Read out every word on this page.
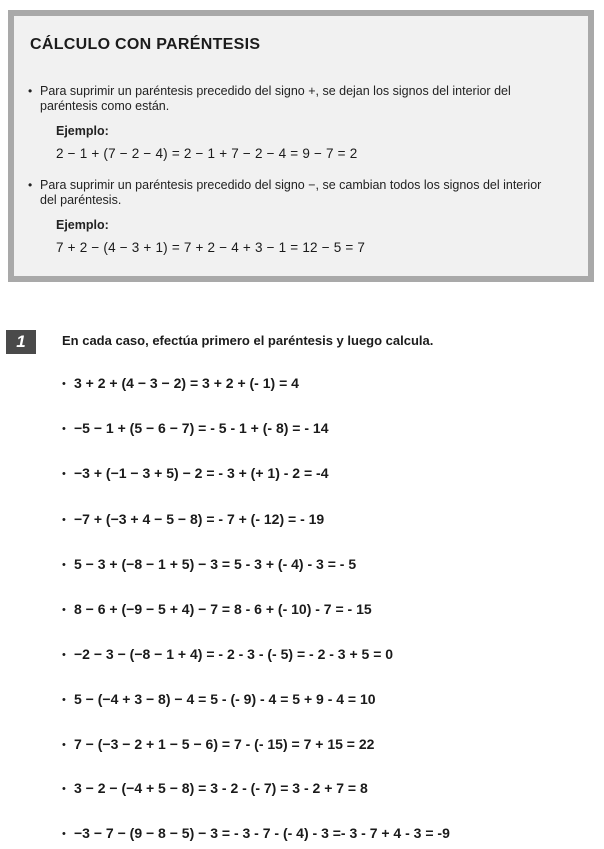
CÁLCULO CON PARÉNTESIS
• Para suprimir un paréntesis precedido del signo +, se dejan los signos del interior del paréntesis como están.
Ejemplo:
2 − 1 + (7 − 2 − 4) = 2 − 1 + 7 − 2 − 4 = 9 − 7 = 2
• Para suprimir un paréntesis precedido del signo −, se cambian todos los signos del interior del paréntesis.
Ejemplo:
7 + 2 − (4 − 3 + 1) = 7 + 2 − 4 + 3 − 1 = 12 − 5 = 7
1	En cada caso, efectúa primero el paréntesis y luego calcula.
• 3 + 2 + (4 − 3 − 2) = 3 + 2 + (- 1) = 4
• −5 − 1 + (5 − 6 − 7) = - 5 - 1 + (- 8) = - 14
• −3 + (−1 − 3 + 5) − 2 = - 3 + (+ 1) - 2 = -4
• −7 + (−3 + 4 − 5 − 8) = - 7 + (- 12) = - 19
• 5 − 3 + (−8 − 1 + 5) − 3 = 5 - 3 + (- 4) - 3 = - 5
• 8 − 6 + (−9 − 5 + 4) − 7 = 8 - 6 + (- 10) - 7 = - 15
• −2 − 3 − (−8 − 1 + 4) = - 2 - 3 - (- 5) = - 2 - 3 + 5 = 0
• 5 − (−4 + 3 − 8) − 4 = 5 - (- 9) - 4 = 5 + 9 - 4 = 10
• 7 − (−3 − 2 + 1 − 5 − 6) = 7 - (- 15) = 7 + 15 = 22
• 3 − 2 − (−4 + 5 − 8) = 3 - 2 - (- 7) = 3 - 2 + 7 = 8
• −3 − 7 − (9 − 8 − 5) − 3 = - 3 - 7 - (- 4) - 3 =- 3 - 7 + 4 - 3 = -9
